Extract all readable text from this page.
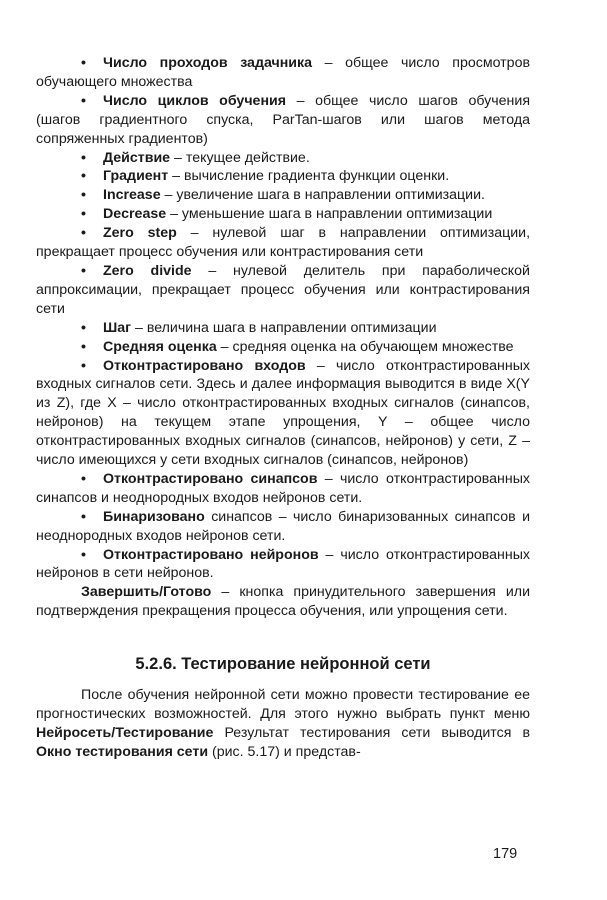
• Число проходов задачника – общее число просмотров обучающего множества
• Число циклов обучения – общее число шагов обучения (шагов градиентного спуска, ParTan-шагов или шагов метода сопряженных градиентов)
• Действие – текущее действие.
• Градиент – вычисление градиента функции оценки.
• Increase – увеличение шага в направлении оптимизации.
• Decrease – уменьшение шага в направлении оптимизации
• Zero step – нулевой шаг в направлении оптимизации, прекращает процесс обучения или контрастирования сети
• Zero divide – нулевой делитель при параболической аппроксимации, прекращает процесс обучения или контрастирования сети
• Шаг – величина шага в направлении оптимизации
• Средняя оценка – средняя оценка на обучающем множестве
• Отконтрастировано входов – число отконтрастированных входных сигналов сети. Здесь и далее информация выводится в виде X(Y из Z), где X – число отконтрастированных входных сигналов (синапсов, нейронов) на текущем этапе упрощения, Y – общее число отконтрастированных входных сигналов (синапсов, нейронов) у сети, Z – число имеющихся у сети входных сигналов (синапсов, нейронов)
• Отконтрастировано синапсов – число отконтрастированных синапсов и неоднородных входов нейронов сети.
• Бинаризовано синапсов – число бинаризованных синапсов и неоднородных входов нейронов сети.
• Отконтрастировано нейронов – число отконтрастированных нейронов в сети нейронов.
Завершить/Готово – кнопка принудительного завершения или подтверждения прекращения процесса обучения, или упрощения сети.
5.2.6. Тестирование нейронной сети
После обучения нейронной сети можно провести тестирование ее прогностических возможностей. Для этого нужно выбрать пункт меню Нейросеть/Тестирование Результат тестирования сети выводится в Окно тестирования сети (рис. 5.17) и представ-
179
